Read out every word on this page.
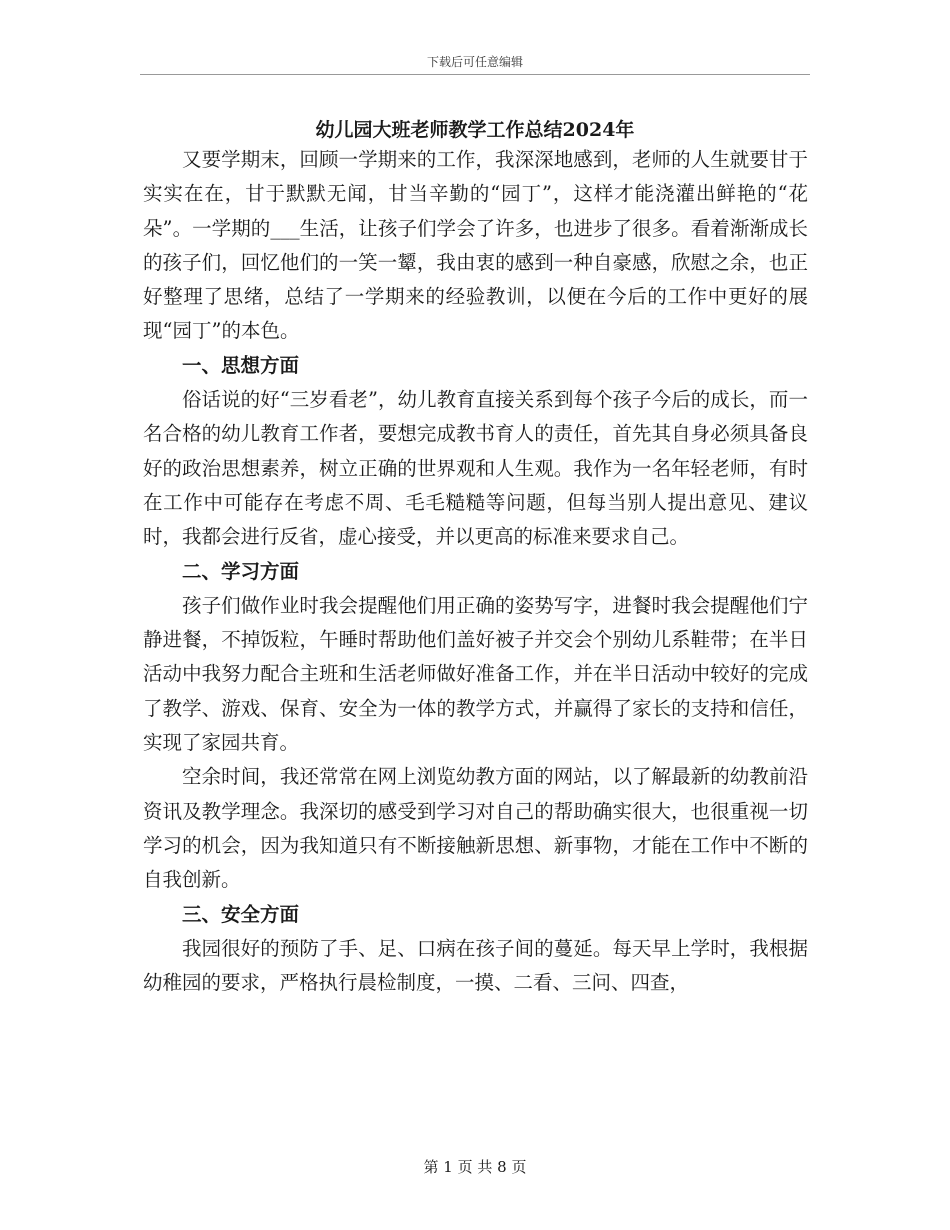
下载后可任意编辑
幼儿园大班老师教学工作总结2024年

又要学期末，回顾一学期来的工作，我深深地感到，老师的人生就要甘于实实在在，甘于默默无闻，甘当辛勤的“园丁”，这样才能浇灌出鲜艳的“花朵”。一学期的___生活，让孩子们学会了许多，也进步了很多。看着渐渐成长的孩子们，回忆他们的一笑一颦，我由衷的感到一种自豪感，欣慰之余，也正好整理了思绪，总结了一学期来的经验教训，以便在今后的工作中更好的展现“园丁”的本色。

一、思想方面

俗话说的好“三岁看老”，幼儿教育直接关系到每个孩子今后的成长，而一名合格的幼儿教育工作者，要想完成教书育人的责任，首先其自身必须具备良好的政治思想素养，树立正确的世界观和人生观。我作为一名年轻老师，有时在工作中可能存在考虑不周、毛毛糙糙等问题，但每当别人提出意见、建议时，我都会进行反省，虚心接受，并以更高的标准来要求自己。

二、学习方面

孩子们做作业时我会提醒他们用正确的姿势写字，进餐时我会提醒他们宁静进餐，不掉饭粒，午睡时帮助他们盖好被子并交会个别幼儿系鞋带；在半日活动中我努力配合主班和生活老师做好准备工作，并在半日活动中较好的完成了教学、游戏、保育、安全为一体的教学方式，并赢得了家长的支持和信任，实现了家园共育。

空余时间，我还常常在网上浏览幼教方面的网站，以了解最新的幼教前沿资讯及教学理念。我深切的感受到学习对自己的帮助确实很大，也很重视一切学习的机会，因为我知道只有不断接触新思想、新事物，才能在工作中不断的自我创新。

三、安全方面

我园很好的预防了手、足、口病在孩子间的蔓延。每天早上学时，我根据幼稚园的要求，严格执行晨检制度，一摸、二看、三问、四查，

第 1 页 共 8 页
